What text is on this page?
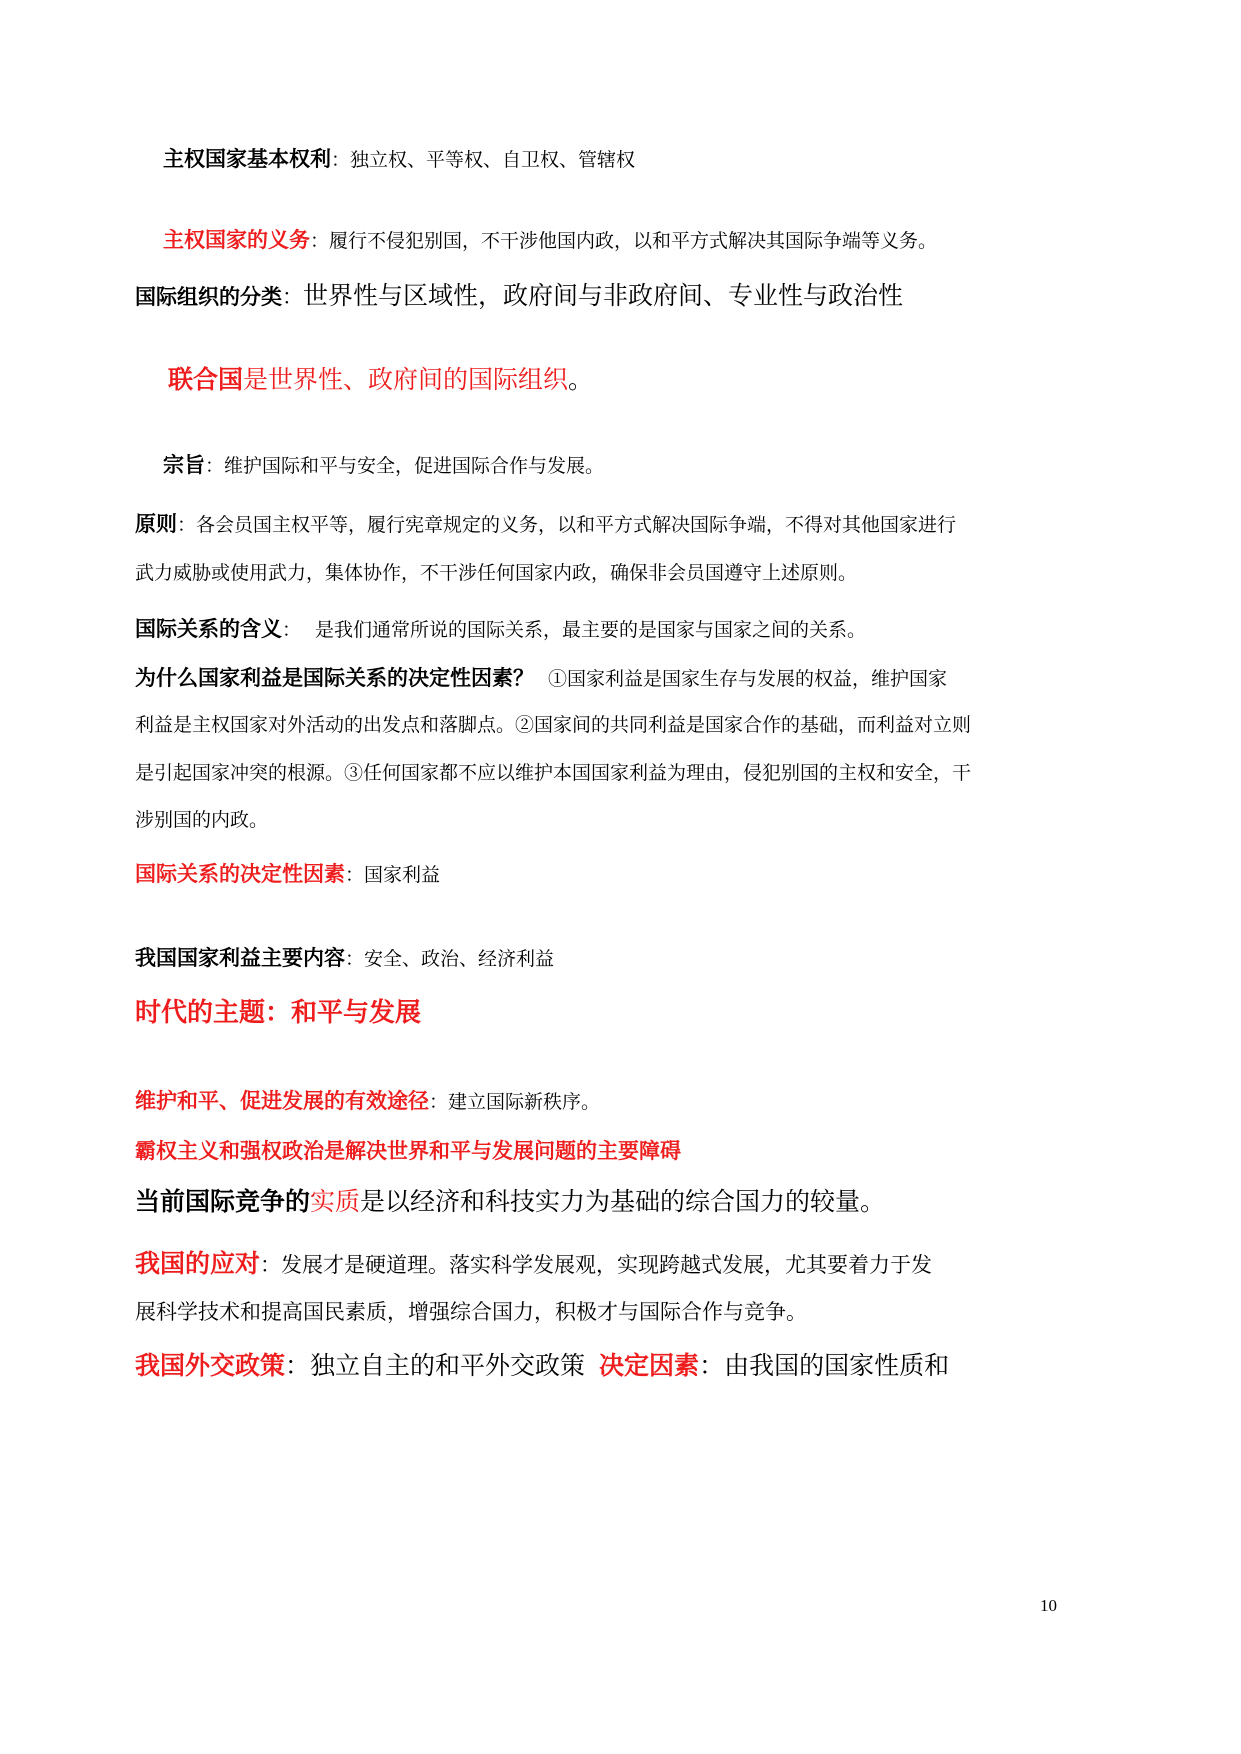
主权国家基本权利：独立权、平等权、自卫权、管辖权
主权国家的义务：履行不侵犯别国，不干涉他国内政，以和平方式解决其国际争端等义务。
国际组织的分类：世界性与区域性，政府间与非政府间、专业性与政治性
联合国是世界性、政府间的国际组织。
宗旨：维护国际和平与安全，促进国际合作与发展。
原则：各会员国主权平等，履行宪章规定的义务，以和平方式解决国际争端，不得对其他国家进行
武力威胁或使用武力，集体协作，不干涉任何国家内政，确保非会员国遵守上述原则。
国际关系的含义： 是我们通常所说的国际关系，最主要的是国家与国家之间的关系。
为什么国家利益是国际关系的决定性因素？ ①国家利益是国家生存与发展的权益，维护国家
利益是主权国家对外活动的出发点和落脚点。②国家间的共同利益是国家合作的基础，而利益对立则
是引起国家冲突的根源。③任何国家都不应以维护本国国家利益为理由，侵犯别国的主权和安全，干
涉别国的内政。
国际关系的决定性因素：国家利益
我国国家利益主要内容：安全、政治、经济利益
时代的主题：和平与发展
维护和平、促进发展的有效途径：建立国际新秩序。
霸权主义和强权政治是解决世界和平与发展问题的主要障碍
当前国际竞争的实质是以经济和科技实力为基础的综合国力的较量。
我国的应对：发展才是硬道理。落实科学发展观，实现跨越式发展，尤其要着力于发
展科学技术和提高国民素质，增强综合国力，积极才与国际合作与竞争。
我国外交政策：独立自主的和平外交政策 决定因素：由我国的国家性质和
10
